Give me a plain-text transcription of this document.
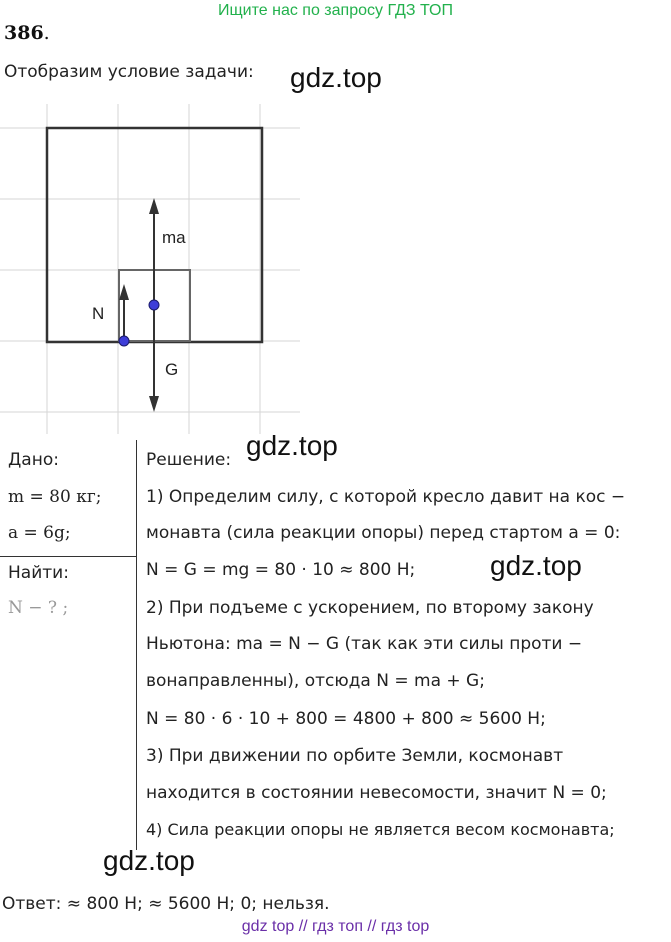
Ищите нас по запросу ГДЗ ТОП
386.
Отобразим условие задачи: gdz.top
ma
N
G
gdz.top
Дано:
m = 80 кг;
a = 6g;
Найти:
N − ? ;
Решение:
1) Определим силу, с которой кресло давит на кос −
монавта (сила реакции опоры) перед стартом a = 0:
N = G = mg = 80 · 10 ≈ 800 Н;
2) При подъеме с ускорением, по второму закону
Ньютона: ma = N − G (так как эти силы проти −
вонаправленны), отсюда N = ma + G;
N = 80 · 6 · 10 + 800 = 4800 + 800 ≈ 5600 Н;
3) При движении по орбите Земли, космонавт
находится в состоянии невесомости, значит N = 0;
4) Сила реакции опоры не является весом космонавта;
gdz.top
gdz.top
Ответ: ≈ 800 Н; ≈ 5600 Н; 0; нельзя.
gdz top // гдз топ // гдз top
